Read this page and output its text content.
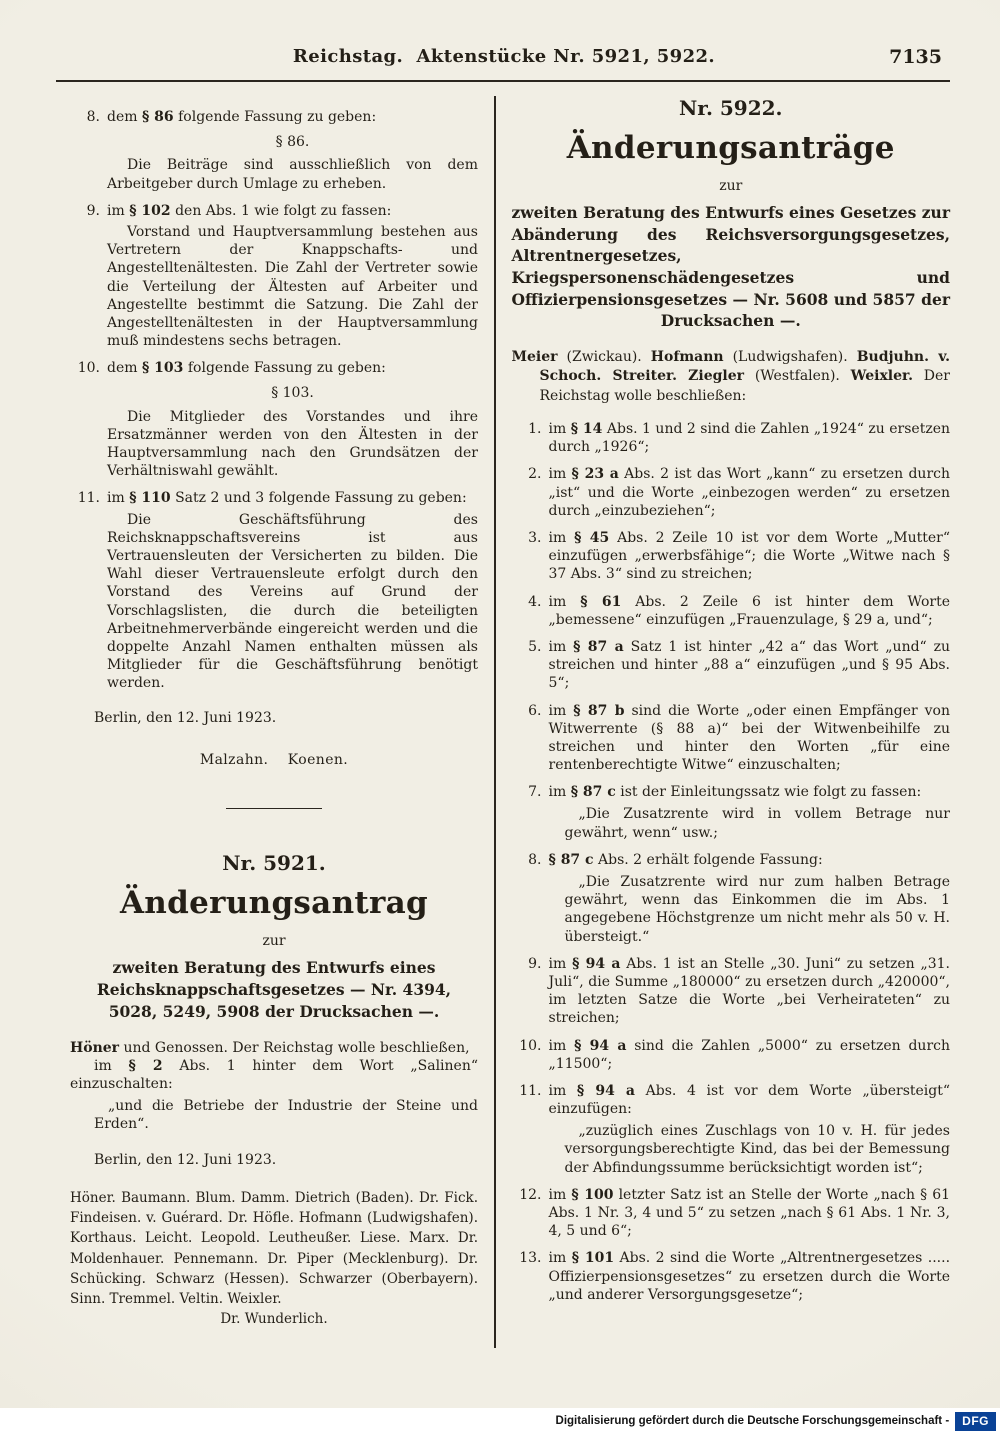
Reichstag.  Aktenstücke Nr. 5921, 5922.	7135
8. dem § 86 folgende Fassung zu geben:

§ 86.

Die Beiträge sind ausschließlich von dem Arbeitgeber durch Umlage zu erheben.

9. im § 102 den Abs. 1 wie folgt zu fassen:

Vorstand und Hauptversammlung bestehen aus Vertretern der Knappschafts- und Angestelltenältesten. Die Zahl der Vertreter sowie die Verteilung der Ältesten auf Arbeiter und Angestellte bestimmt die Satzung. Die Zahl der Angestelltenältesten in der Hauptversammlung muß mindestens sechs betragen.

10. dem § 103 folgende Fassung zu geben:

§ 103.

Die Mitglieder des Vorstandes und ihre Ersatzmänner werden von den Ältesten in der Hauptversammlung nach den Grundsätzen der Verhältniswahl gewählt.

11. im § 110 Satz 2 und 3 folgende Fassung zu geben:

Die Geschäftsführung des Reichsknappschaftsvereins ist aus Vertrauensleuten der Versicherten zu bilden. Die Wahl dieser Vertrauensleute erfolgt durch den Vorstand des Vereins auf Grund der Vorschlagslisten, die durch die beteiligten Arbeitnehmerverbände eingereicht werden und die doppelte Anzahl Namen enthalten müssen als Mitglieder für die Geschäftsführung benötigt werden.

Berlin, den 12. Juni 1923.

Malzahn.    Koenen.

Nr. 5921.
Änderungsantrag
zur
zweiten Beratung des Entwurfs eines Reichsknappschaftsgesetzes — Nr. 4394, 5028, 5249, 5908 der Drucksachen —.

Höner und Genossen. Der Reichstag wolle beschließen,

im § 2 Abs. 1 hinter dem Wort „Salinen“ einzuschalten:

„und die Betriebe der Industrie der Steine und Erden“.

Berlin, den 12. Juni 1923.

Höner. Baumann. Blum. Damm. Dietrich (Baden). Dr. Fick. Findeisen. v. Guérard. Dr. Höfle. Hofmann (Ludwigshafen). Korthaus. Leicht. Leopold. Leutheußer. Liese. Marx. Dr. Moldenhauer. Pennemann. Dr. Piper (Mecklenburg). Dr. Schücking. Schwarz (Hessen). Schwarzer (Oberbayern). Sinn. Tremmel. Veltin. Weixler.

Dr. Wunderlich.

Nr. 5922.
Änderungsanträge
zur
zweiten Beratung des Entwurfs eines Gesetzes zur Abänderung des Reichsversorgungsgesetzes, Altrentnergesetzes, Kriegspersonenschädengesetzes und Offizierpensionsgesetzes — Nr. 5608 und 5857 der Drucksachen —.

Meier (Zwickau). Hofmann (Ludwigshafen). Budjuhn. v. Schoch. Streiter. Ziegler (Westfalen). Weixler. Der Reichstag wolle beschließen:

1. im § 14 Abs. 1 und 2 sind die Zahlen „1924“ zu ersetzen durch „1926“;

2. im § 23 a Abs. 2 ist das Wort „kann“ zu ersetzen durch „ist“ und die Worte „einbezogen werden“ zu ersetzen durch „einzubeziehen“;

3. im § 45 Abs. 2 Zeile 10 ist vor dem Worte „Mutter“ einzufügen „erwerbsfähige“; die Worte „Witwe nach § 37 Abs. 3“ sind zu streichen;

4. im § 61 Abs. 2 Zeile 6 ist hinter dem Worte „bemessene“ einzufügen „Frauenzulage, § 29 a, und“;

5. im § 87 a Satz 1 ist hinter „42 a“ das Wort „und“ zu streichen und hinter „88 a“ einzufügen „und § 95 Abs. 5“;

6. im § 87 b sind die Worte „oder einen Empfänger von Witwerrente (§ 88 a)“ bei der Witwenbeihilfe zu streichen und hinter den Worten „für eine rentenberechtigte Witwe“ einzuschalten;

7. im § 87 c ist der Einleitungssatz wie folgt zu fassen:

„Die Zusatzrente wird in vollem Betrage nur gewährt, wenn“ usw.;

8. § 87 c Abs. 2 erhält folgende Fassung:

„Die Zusatzrente wird nur zum halben Betrage gewährt, wenn das Einkommen die im Abs. 1 angegebene Höchstgrenze um nicht mehr als 50 v. H. übersteigt.“

9. im § 94 a Abs. 1 ist an Stelle „30. Juni“ zu setzen „31. Juli“, die Summe „180000“ zu ersetzen durch „420000“, im letzten Satze die Worte „bei Verheirateten“ zu streichen;

10. im § 94 a sind die Zahlen „5000“ zu ersetzen durch „11500“;

11. im § 94 a Abs. 4 ist vor dem Worte „übersteigt“ einzufügen:

„zuzüglich eines Zuschlags von 10 v. H. für jedes versorgungsberechtigte Kind, das bei der Bemessung der Abfindungssumme berücksichtigt worden ist“;

12. im § 100 letzter Satz ist an Stelle der Worte „nach § 61 Abs. 1 Nr. 3, 4 und 5“ zu setzen „nach § 61 Abs. 1 Nr. 3, 4, 5 und 6“;

13. im § 101 Abs. 2 sind die Worte „Altrentnergesetzes ..... Offizierpensionsgesetzes“ zu ersetzen durch die Worte „und anderer Versorgungsgesetze“;

Digitalisierung gefördert durch die Deutsche Forschungsgemeinschaft -	DFG
